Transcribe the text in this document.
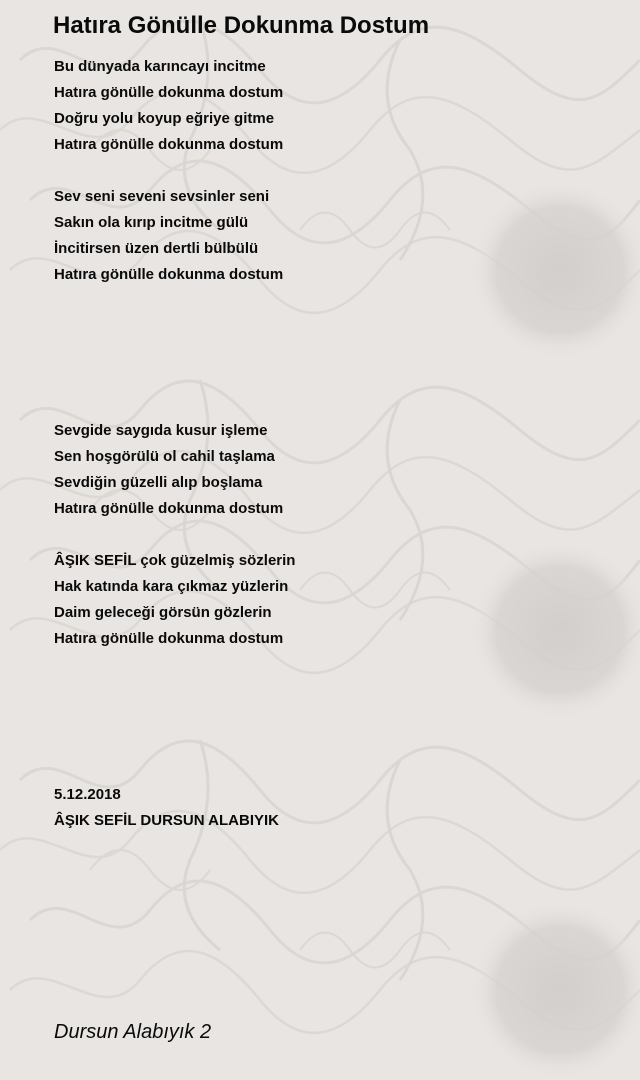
Hatıra Gönülle Dokunma Dostum
Bu dünyada karıncayı incitme
Hatıra gönülle dokunma dostum
Doğru yolu koyup eğriye gitme
Hatıra gönülle dokunma dostum
Sev seni seveni sevsinler seni
Sakın ola kırıp incitme gülü
İncitirsen üzen dertli bülbülü
Hatıra gönülle dokunma dostum
Sevgide saygıda kusur işleme
Sen hoşgörülü ol cahil taşlama
Sevdiğin güzelli alıp boşlama
Hatıra gönülle dokunma dostum
ÂŞIK SEFİL çok güzelmiş sözlerin
Hak katında kara çıkmaz yüzlerin
Daim geleceği görsün gözlerin
Hatıra gönülle dokunma dostum
5.12.2018
ÂŞIK SEFİL DURSUN ALABIYIK
Dursun Alabıyık 2
